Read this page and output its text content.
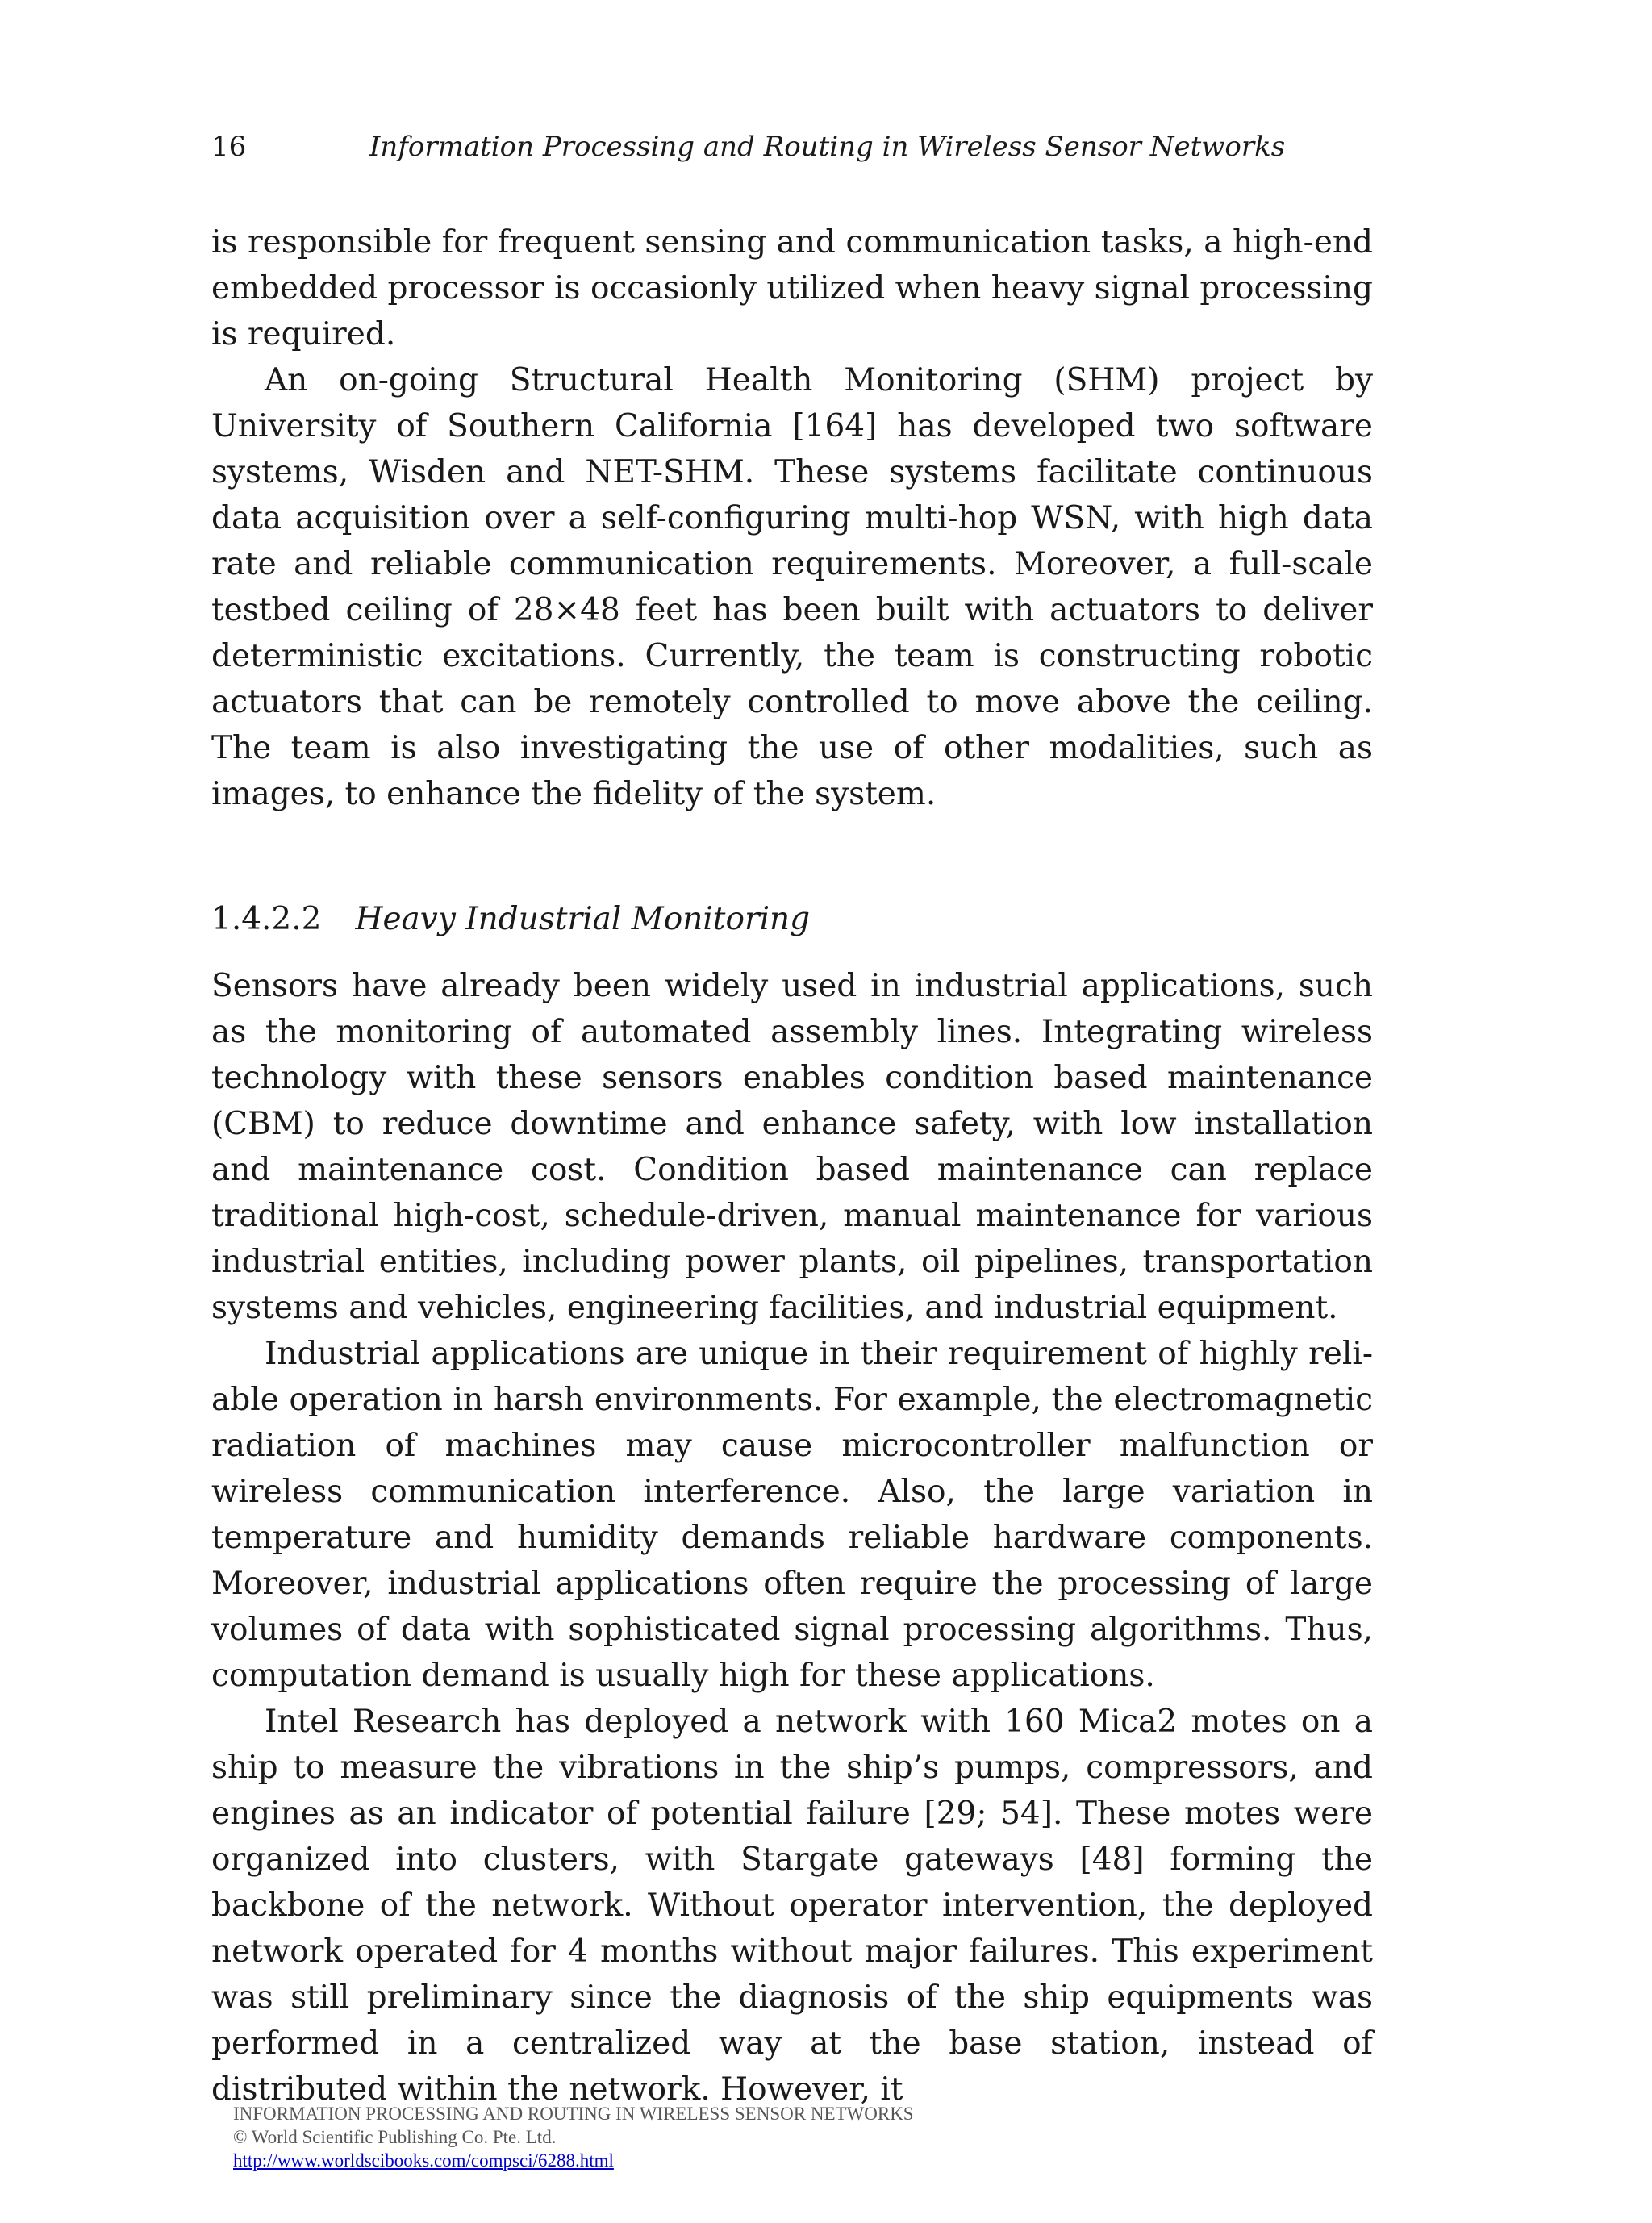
16	Information Processing and Routing in Wireless Sensor Networks

is responsible for frequent sensing and communication tasks, a high-end embedded processor is occasionly utilized when heavy signal processing is required.

An on-going Structural Health Monitoring (SHM) project by University of Southern California [164] has developed two software systems, Wisden and NET-SHM. These systems facilitate continuous data acquisition over a self-configuring multi-hop WSN, with high data rate and reliable communication requirements. Moreover, a full-scale testbed ceiling of 28×48 feet has been built with actuators to deliver deterministic excitations. Currently, the team is constructing robotic actuators that can be remotely controlled to move above the ceiling. The team is also investigating the use of other modalities, such as images, to enhance the fidelity of the system.

1.4.2.2 Heavy Industrial Monitoring

Sensors have already been widely used in industrial applications, such as the monitoring of automated assembly lines. Integrating wireless technology with these sensors enables condition based maintenance (CBM) to reduce downtime and enhance safety, with low installation and maintenance cost. Condition based maintenance can replace traditional high-cost, schedule-driven, manual maintenance for various industrial entities, including power plants, oil pipelines, transportation systems and vehicles, engineering facilities, and industrial equipment.

Industrial applications are unique in their requirement of highly reliable operation in harsh environments. For example, the electromagnetic radiation of machines may cause microcontroller malfunction or wireless communication interference. Also, the large variation in temperature and humidity demands reliable hardware components. Moreover, industrial applications often require the processing of large volumes of data with sophisticated signal processing algorithms. Thus, computation demand is usually high for these applications.

Intel Research has deployed a network with 160 Mica2 motes on a ship to measure the vibrations in the ship’s pumps, compressors, and engines as an indicator of potential failure [29; 54]. These motes were organized into clusters, with Stargate gateways [48] forming the backbone of the network. Without operator intervention, the deployed network operated for 4 months without major failures. This experiment was still preliminary since the diagnosis of the ship equipments was performed in a centralized way at the base station, instead of distributed within the network. However, it

INFORMATION PROCESSING AND ROUTING IN WIRELESS SENSOR NETWORKS
© World Scientific Publishing Co. Pte. Ltd.
http://www.worldscibooks.com/compsci/6288.html
